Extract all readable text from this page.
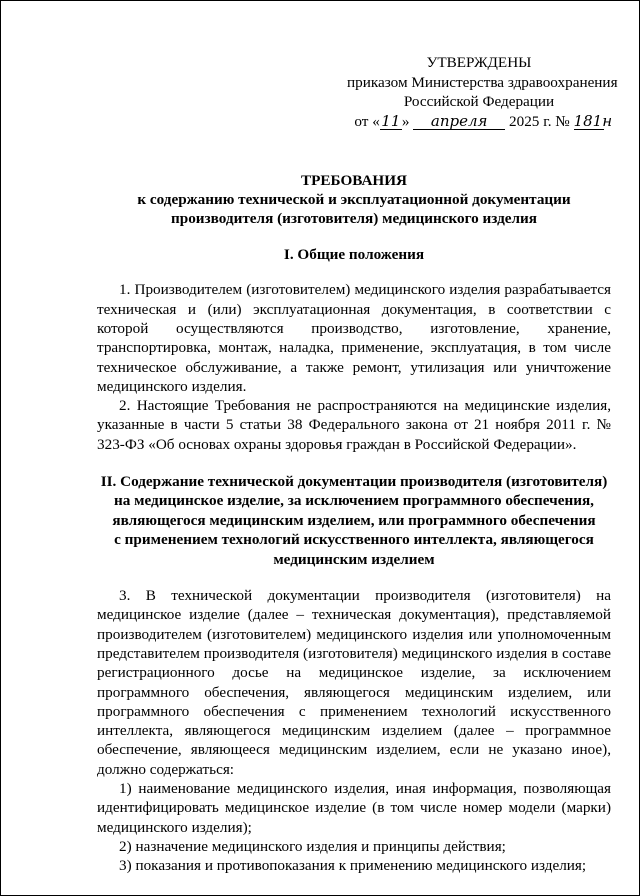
УТВЕРЖДЕНЫ
приказом Министерства здравоохранения
Российской Федерации
от «11» апреля 2025 г. № 181н
ТРЕБОВАНИЯ
к содержанию технической и эксплуатационной документации
производителя (изготовителя) медицинского изделия
I. Общие положения

1. Производителем (изготовителем) медицинского изделия разрабатывается техническая и (или) эксплуатационная документация, в соответствии с которой осуществляются производство, изготовление, хранение, транспортировка, монтаж, наладка, применение, эксплуатация, в том числе техническое обслуживание, а также ремонт, утилизация или уничтожение медицинского изделия.

2. Настоящие Требования не распространяются на медицинские изделия, указанные в части 5 статьи 38 Федерального закона от 21 ноября 2011 г. № 323-ФЗ «Об основах охраны здоровья граждан в Российской Федерации».

II. Содержание технической документации производителя (изготовителя)
на медицинское изделие, за исключением программного обеспечения,
являющегося медицинским изделием, или программного обеспечения
с применением технологий искусственного интеллекта, являющегося
медицинским изделием

3. В технической документации производителя (изготовителя) на медицинское изделие (далее – техническая документация), представляемой производителем (изготовителем) медицинского изделия или уполномоченным представителем производителя (изготовителя) медицинского изделия в составе регистрационного досье на медицинское изделие, за исключением программного обеспечения, являющегося медицинским изделием, или программного обеспечения с применением технологий искусственного интеллекта, являющегося медицинским изделием (далее – программное обеспечение, являющееся медицинским изделием, если не указано иное), должно содержаться:

1) наименование медицинского изделия, иная информация, позволяющая идентифицировать медицинское изделие (в том числе номер модели (марки) медицинского изделия);

2) назначение медицинского изделия и принципы действия;

3) показания и противопоказания к применению медицинского изделия;
